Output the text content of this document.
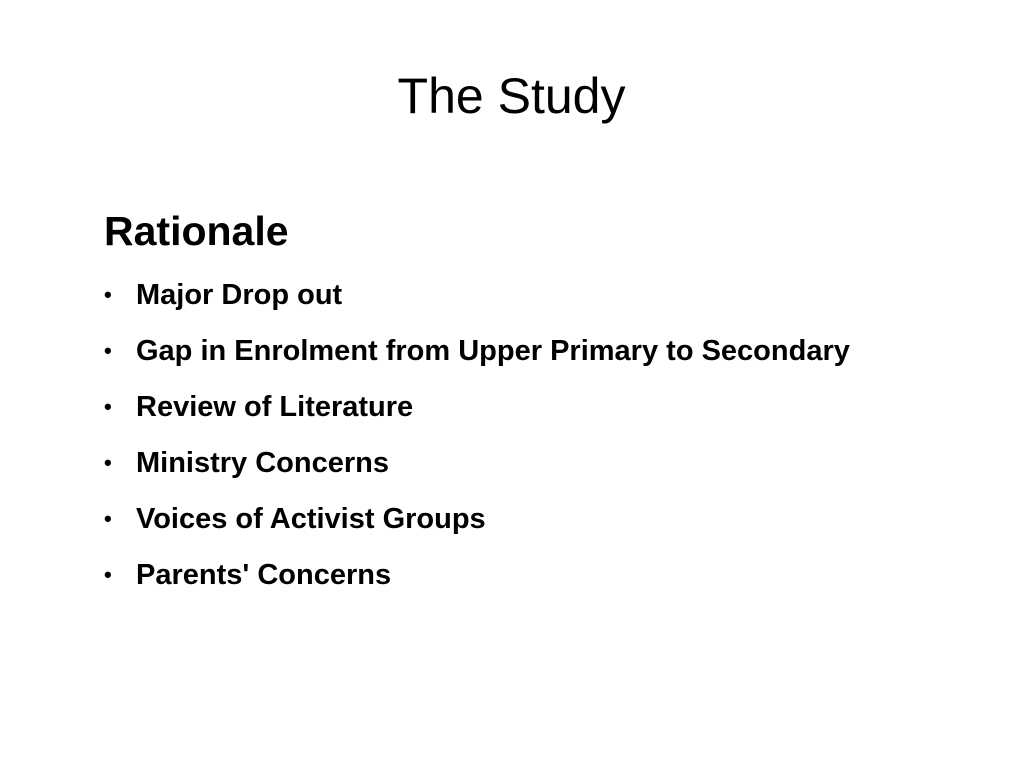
The Study
Rationale
• Major Drop out
• Gap in Enrolment from Upper Primary to Secondary
• Review of Literature
• Ministry Concerns
• Voices of Activist Groups
• Parents' Concerns
